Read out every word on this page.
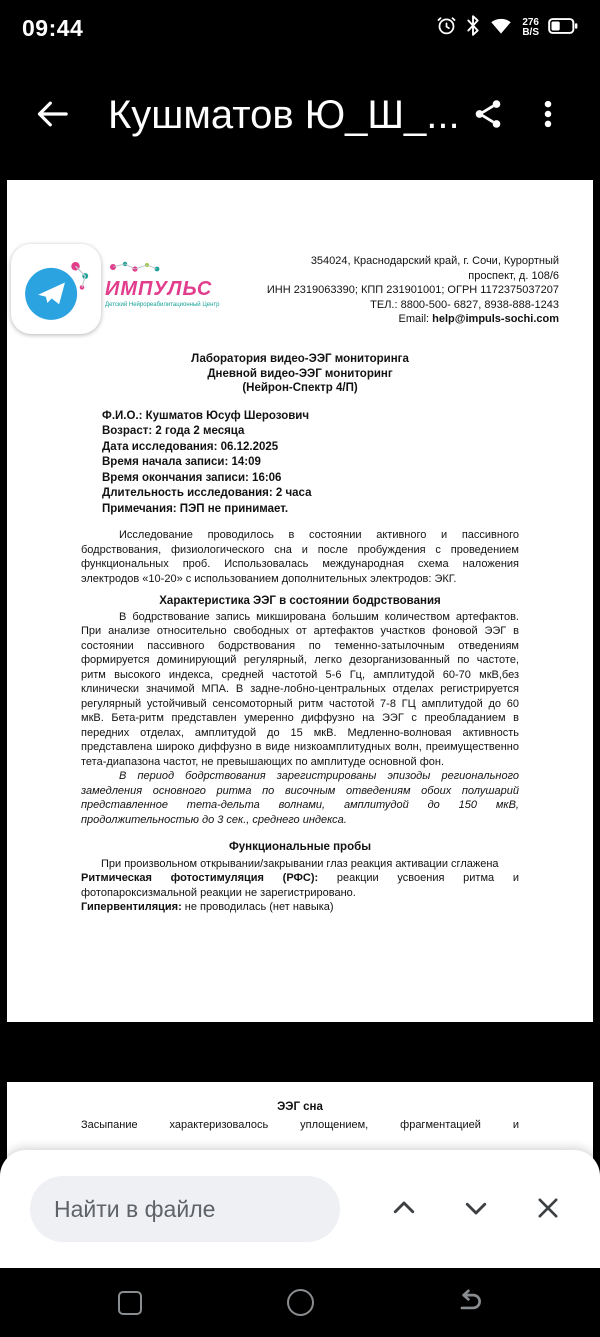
09:44	276
B/S
Кушматов Ю_Ш_...
ИМПУЛЬС
Детский Нейрореабилитационный Центр
354024, Краснодарский край, г. Сочи, Курортный
проспект, д. 108/6
ИНН 2319063390; КПП 231901001; ОГРН 1172375037207
ТЕЛ.: 8800-500- 6827, 8938-888-1243
Email: help@impuls-sochi.com
Лаборатория видео-ЭЭГ мониторинга
Дневной видео-ЭЭГ мониторинг
(Нейрон-Спектр 4/П)
Ф.И.О.: Кушматов Юсуф Шерозович
Возраст: 2 года 2 месяца
Дата исследования: 06.12.2025
Время начала записи: 14:09
Время окончания записи: 16:06
Длительность исследования: 2 часа
Примечания: ПЭП не принимает.

Исследование проводилось в состоянии активного и пассивного бодрствования, физиологического сна и после пробуждения с проведением функциональных проб. Использовалась международная схема наложения электродов «10-20» с использованием дополнительных электродов: ЭКГ.

Характеристика ЭЭГ в состоянии бодрствования

В бодрствование запись микширована большим количеством артефактов. При анализе относительно свободных от артефактов участков фоновой ЭЭГ в состоянии пассивного бодрствования по теменно-затылочным отведениям формируется доминирующий регулярный, легко дезорганизованный по частоте, ритм высокого индекса, средней частотой 5-6 Гц, амплитудой 60-70 мкВ,без клинически значимой МПА. В задне-лобно-центральных отделах регистрируется регулярный устойчивый сенсомоторный ритм частотой 7-8 ГЦ амплитудой до 60 мкВ. Бета-ритм представлен умеренно диффузно на ЭЭГ с преобладанием в передних отделах, амплитудой до 15 мкВ. Медленно-волновая активность представлена широко диффузно в виде низкоамплитудных волн, преимущественно тета-диапазона частот, не превышающих по амплитуде основной фон.

В период бодрствования зарегистрированы эпизоды регионального замедления основного ритма по височным отведениям обоих полушарий представленное тета-дельта волнами, амплитудой до 150 мкВ, продолжительностью до 3 сек., среднего индекса.

Функциональные пробы
При произвольном открывании/закрывании глаз реакция активации сглажена
Ритмическая фотостимуляция (РФС): реакции усвоения ритма и фотопароксизмальной реакции не зарегистрировано.
Гипервентиляция: не проводилась (нет навыка)
ЭЭГ сна
Засыпание характеризовалось уплощением, фрагментацией и
Найти в файле
